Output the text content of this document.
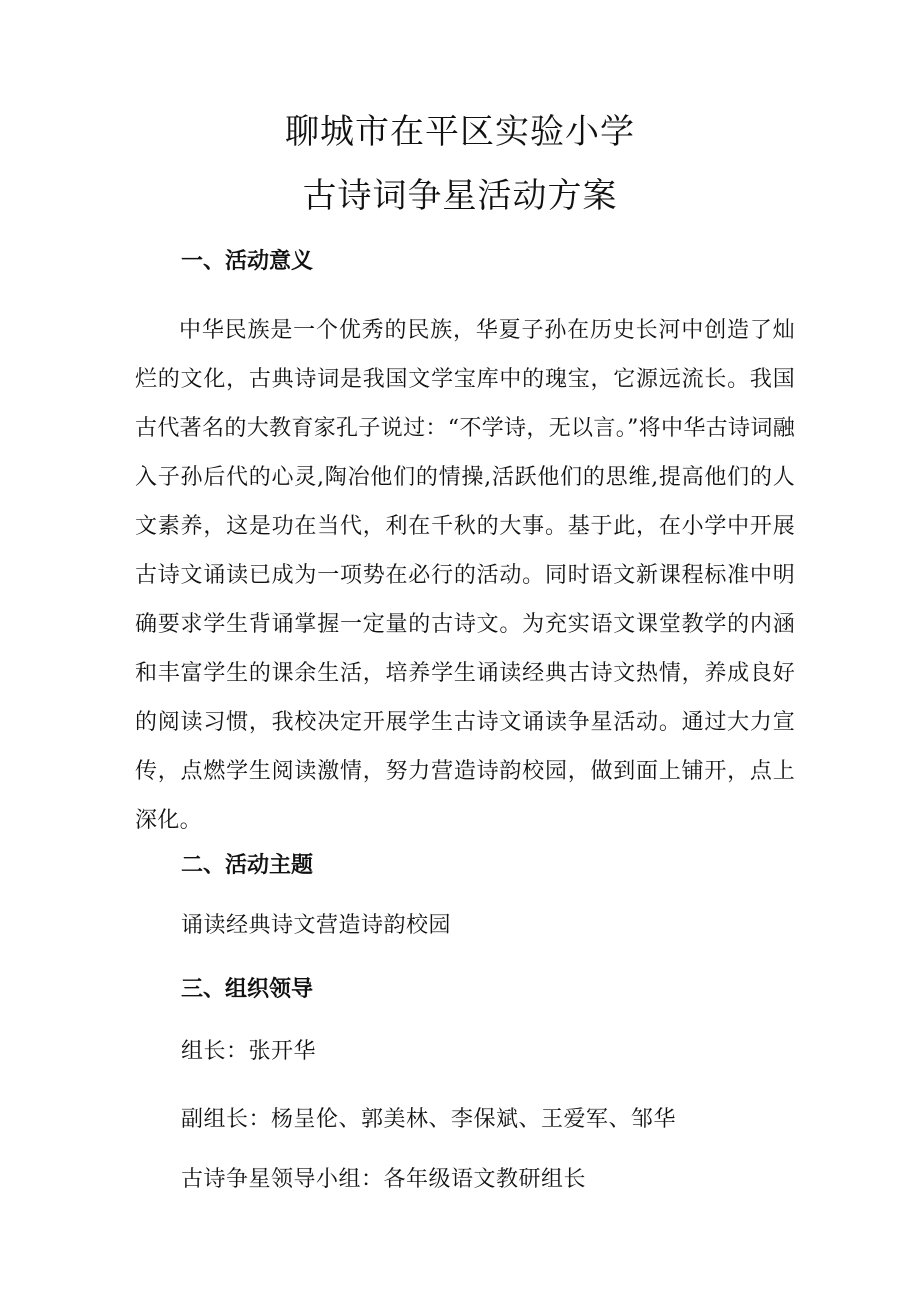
聊城市在平区实验小学
古诗词争星活动方案
一、活动意义

中华民族是一个优秀的民族，华夏子孙在历史长河中创造了灿烂的文化，古典诗词是我国文学宝库中的瑰宝，它源远流长。我国古代著名的大教育家孔子说过：“不学诗，无以言。”将中华古诗词融入子孙后代的心灵,陶冶他们的情操,活跃他们的思维,提高他们的人文素养，这是功在当代，利在千秋的大事。基于此，在小学中开展古诗文诵读已成为一项势在必行的活动。同时语文新课程标准中明确要求学生背诵掌握一定量的古诗文。为充实语文课堂教学的内涵和丰富学生的课余生活，培养学生诵读经典古诗文热情，养成良好的阅读习惯，我校决定开展学生古诗文诵读争星活动。通过大力宣传，点燃学生阅读激情，努力营造诗韵校园，做到面上铺开，点上深化。

二、活动主题

诵读经典诗文营造诗韵校园

三、组织领导

组长：张开华

副组长：杨呈伦、郭美林、李保斌、王爱军、邹华

古诗争星领导小组：各年级语文教研组长
